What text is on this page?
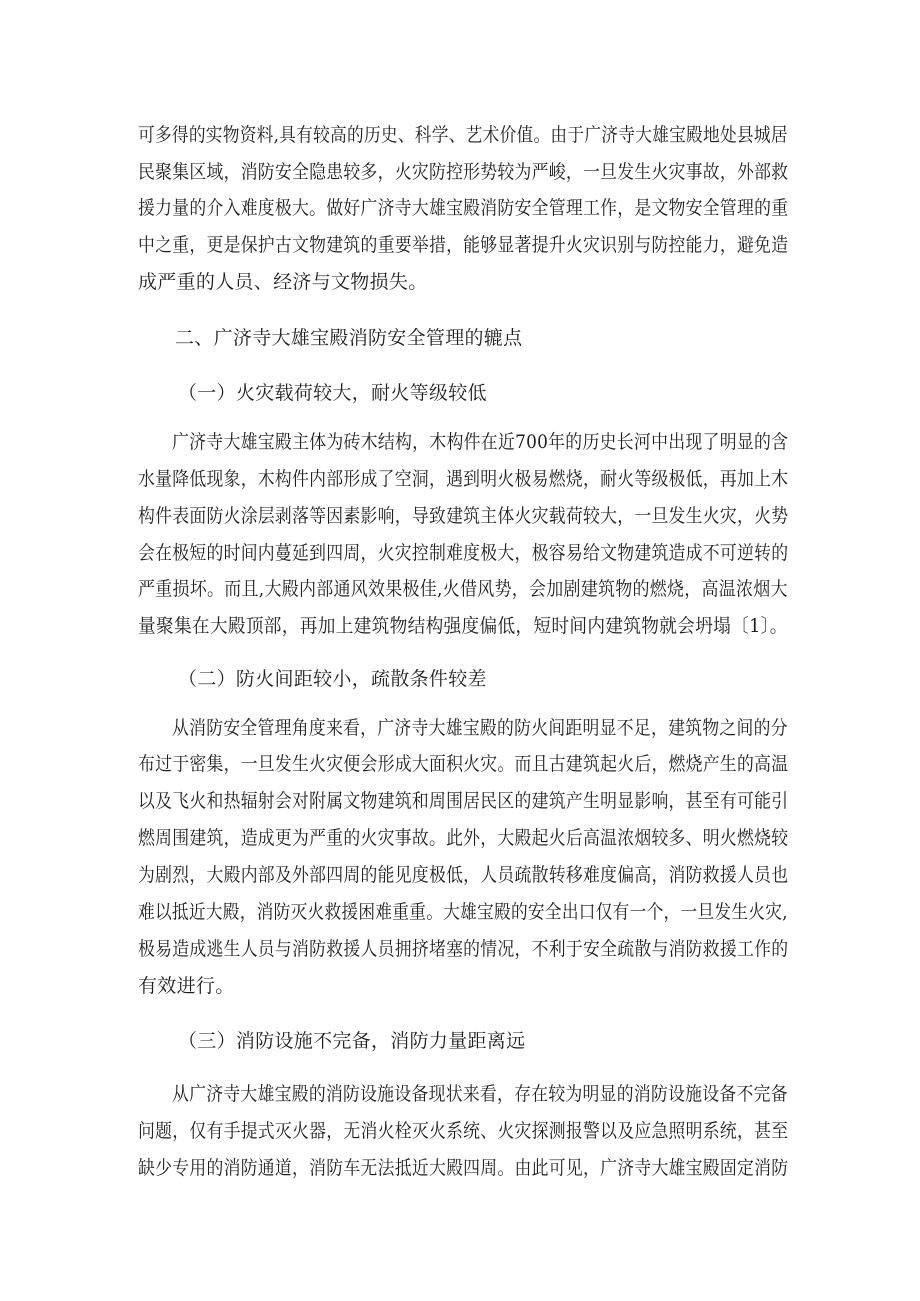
可多得的实物资料,具有较高的历史、科学、艺术价值。由于广济寺大雄宝殿地处县城居
民聚集区域，消防安全隐患较多，火灾防控形势较为严峻，一旦发生火灾事故，外部救
援力量的介入难度极大。做好广济寺大雄宝殿消防安全管理工作，是文物安全管理的重
中之重，更是保护古文物建筑的重要举措，能够显著提升火灾识别与防控能力，避免造
成严重的人员、经济与文物损失。
二、广济寺大雄宝殿消防安全管理的辘点
（一）火灾载荷较大，耐火等级较低
广济寺大雄宝殿主体为砖木结构，木构件在近700年的历史长河中出现了明显的含
水量降低现象，木构件内部形成了空洞，遇到明火极易燃烧，耐火等级极低，再加上木
构件表面防火涂层剥落等因素影响，导致建筑主体火灾载荷较大，一旦发生火灾，火势
会在极短的时间内蔓延到四周，火灾控制难度极大，极容易给文物建筑造成不可逆转的
严重损坏。而且,大殿内部通风效果极佳,火借风势，会加剧建筑物的燃烧，高温浓烟大
量聚集在大殿顶部，再加上建筑物结构强度偏低，短时间内建筑物就会坍塌〔1〕。
（二）防火间距较小，疏散条件较差
从消防安全管理角度来看，广济寺大雄宝殿的防火间距明显不足，建筑物之间的分
布过于密集，一旦发生火灾便会形成大面积火灾。而且古建筑起火后，燃烧产生的高温
以及飞火和热辐射会对附属文物建筑和周围居民区的建筑产生明显影响，甚至有可能引
燃周围建筑，造成更为严重的火灾事故。此外，大殿起火后高温浓烟较多、明火燃烧较
为剧烈，大殿内部及外部四周的能见度极低，人员疏散转移难度偏高，消防救援人员也
难以抵近大殿，消防灭火救援困难重重。大雄宝殿的安全出口仅有一个，一旦发生火灾,
极易造成逃生人员与消防救援人员拥挤堵塞的情况，不利于安全疏散与消防救援工作的
有效进行。
（三）消防设施不完备，消防力量距离远
从广济寺大雄宝殿的消防设施设备现状来看，存在较为明显的消防设施设备不完备
问题，仅有手提式灭火器，无消火栓灭火系统、火灾探测报警以及应急照明系统，甚至
缺少专用的消防通道，消防车无法抵近大殿四周。由此可见，广济寺大雄宝殿固定消防
